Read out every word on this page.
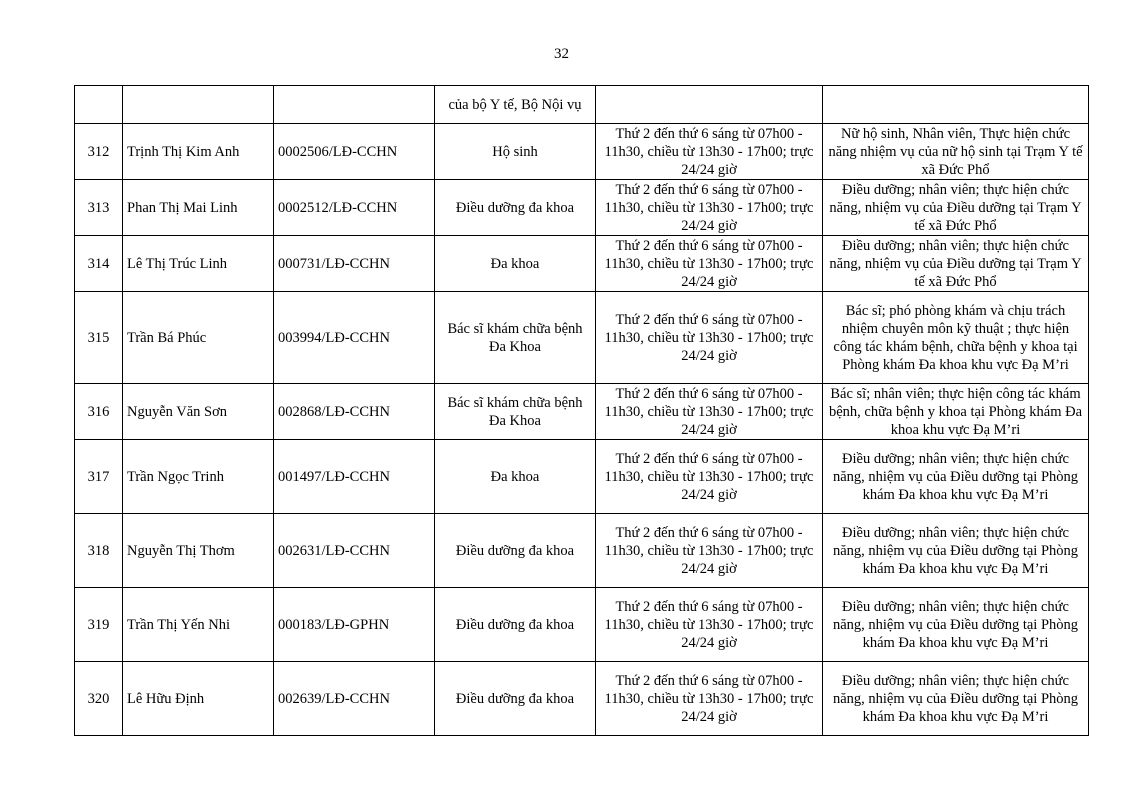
32
			của bộ Y tế, Bộ Nội vụ		
312	Trịnh Thị Kim Anh	0002506/LĐ-CCHN	Hộ sinh	Thứ 2 đến thứ 6 sáng từ 07h00 - 11h30, chiều từ 13h30 - 17h00; trực 24/24 giờ	Nữ hộ sinh, Nhân viên, Thực hiện chức năng nhiệm vụ của nữ hộ sinh tại Trạm Y tế xã Đức Phổ
313	Phan Thị Mai Linh	0002512/LĐ-CCHN	Điều dưỡng đa khoa	Thứ 2 đến thứ 6 sáng từ 07h00 - 11h30, chiều từ 13h30 - 17h00; trực 24/24 giờ	Điều dưỡng; nhân viên; thực hiện chức năng, nhiệm vụ của Điều dưỡng tại Trạm Y tế xã Đức Phổ
314	Lê Thị Trúc Linh	000731/LĐ-CCHN	Đa khoa	Thứ 2 đến thứ 6 sáng từ 07h00 - 11h30, chiều từ 13h30 - 17h00; trực 24/24 giờ	Điều dưỡng; nhân viên; thực hiện chức năng, nhiệm vụ của Điều dưỡng tại Trạm Y tế xã Đức Phổ
315	Trần Bá Phúc	003994/LĐ-CCHN	Bác sĩ khám chữa bệnh Đa Khoa	Thứ 2 đến thứ 6 sáng từ 07h00 - 11h30, chiều từ 13h30 - 17h00; trực 24/24 giờ	Bác sĩ; phó phòng khám và chịu trách nhiệm chuyên môn kỹ thuật ; thực hiện công tác khám bệnh, chữa bệnh y khoa tại Phòng khám Đa khoa khu vực Đạ M’ri
316	Nguyễn Văn Sơn	002868/LĐ-CCHN	Bác sĩ khám chữa bệnh Đa Khoa	Thứ 2 đến thứ 6 sáng từ 07h00 - 11h30, chiều từ 13h30 - 17h00; trực 24/24 giờ	Bác sĩ; nhân viên; thực hiện công tác khám bệnh, chữa bệnh y khoa tại Phòng khám Đa khoa khu vực Đạ M’ri
317	Trần Ngọc Trinh	001497/LĐ-CCHN	Đa khoa	Thứ 2 đến thứ 6 sáng từ 07h00 - 11h30, chiều từ 13h30 - 17h00; trực 24/24 giờ	Điều dưỡng; nhân viên; thực hiện chức năng, nhiệm vụ của Điều dưỡng tại Phòng khám Đa khoa khu vực Đạ M’ri
318	Nguyễn Thị Thơm	002631/LĐ-CCHN	Điều dưỡng đa khoa	Thứ 2 đến thứ 6 sáng từ 07h00 - 11h30, chiều từ 13h30 - 17h00; trực 24/24 giờ	Điều dưỡng; nhân viên; thực hiện chức năng, nhiệm vụ của Điều dưỡng tại Phòng khám Đa khoa khu vực Đạ M’ri
319	Trần Thị Yến Nhi	000183/LĐ-GPHN	Điều dưỡng đa khoa	Thứ 2 đến thứ 6 sáng từ 07h00 - 11h30, chiều từ 13h30 - 17h00; trực 24/24 giờ	Điều dưỡng; nhân viên; thực hiện chức năng, nhiệm vụ của Điều dưỡng tại Phòng khám Đa khoa khu vực Đạ M’ri
320	Lê Hữu Định	002639/LĐ-CCHN	Điều dưỡng đa khoa	Thứ 2 đến thứ 6 sáng từ 07h00 - 11h30, chiều từ 13h30 - 17h00; trực 24/24 giờ	Điều dưỡng; nhân viên; thực hiện chức năng, nhiệm vụ của Điều dưỡng tại Phòng khám Đa khoa khu vực Đạ M’ri
